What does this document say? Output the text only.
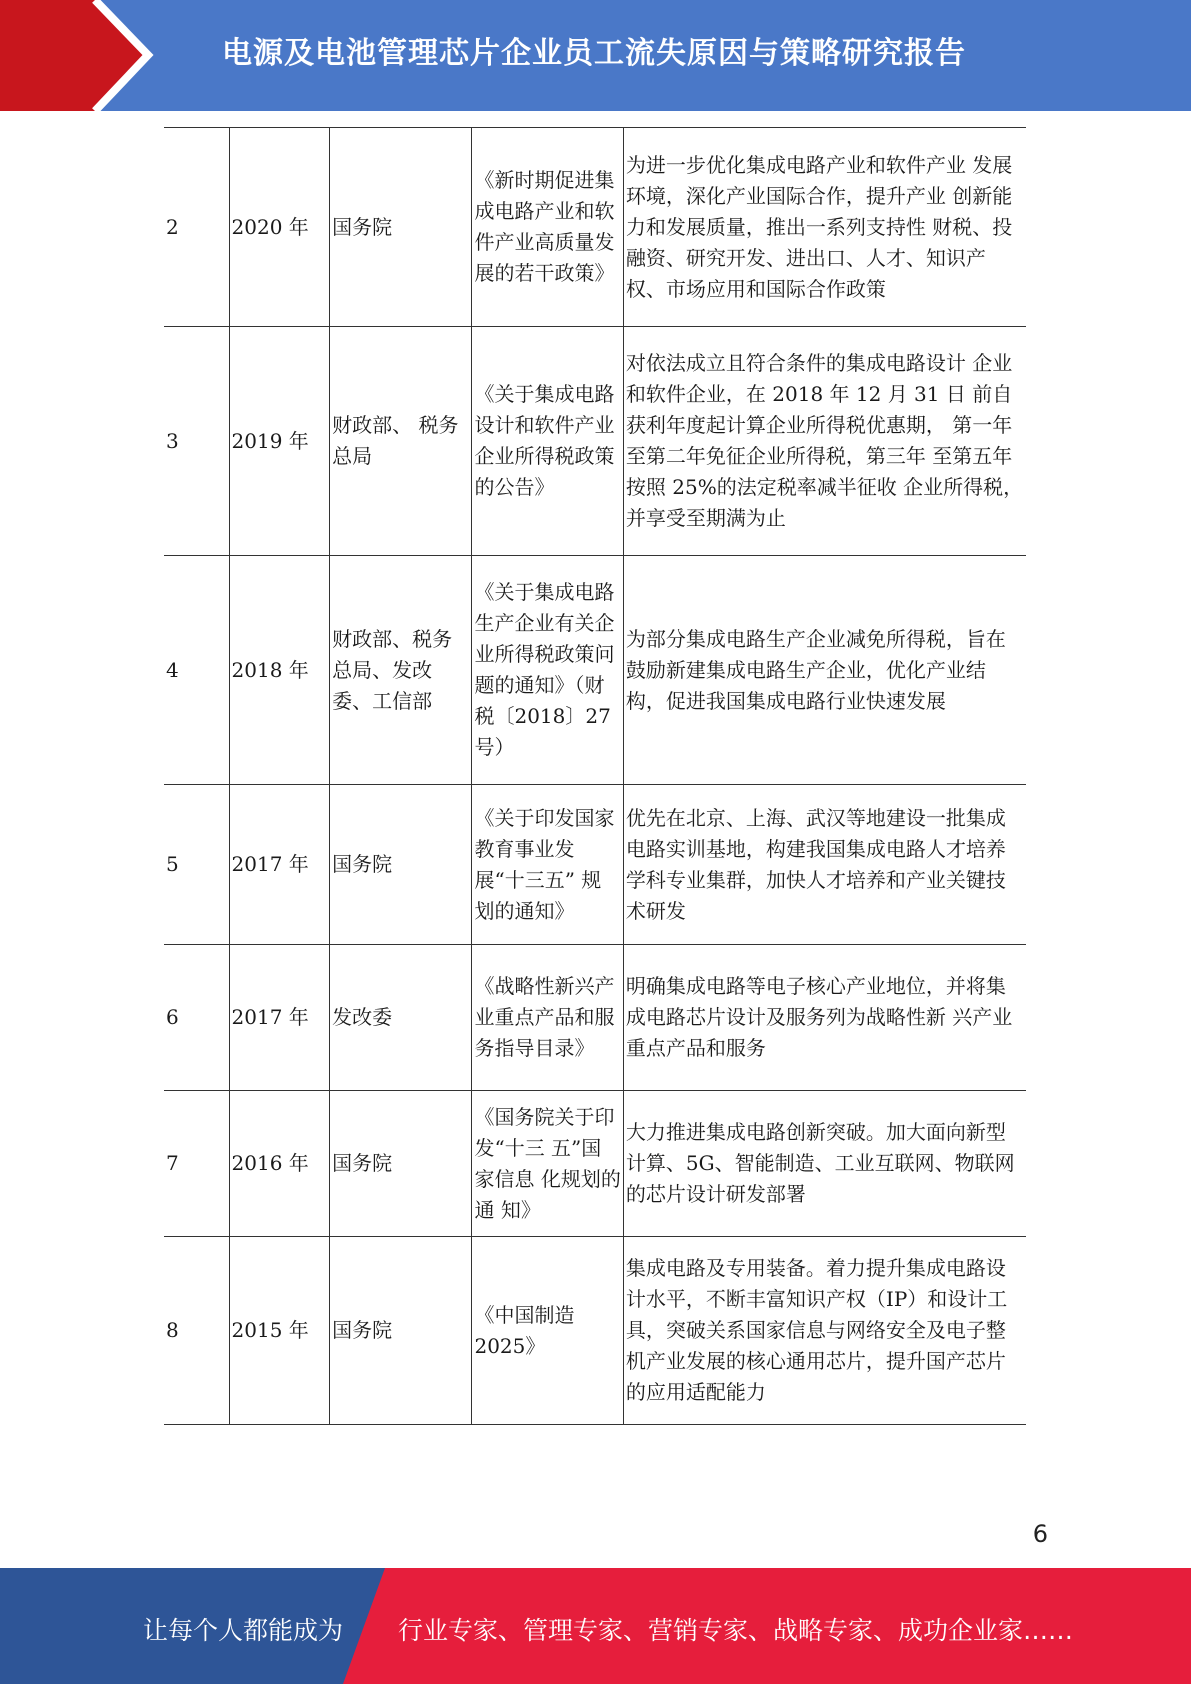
电源及电池管理芯片企业员工流失原因与策略研究报告
2	2020 年	国务院	《新时期促进集成电路产业和软件产业高质量发展的若干政策》	为进一步优化集成电路产业和软件产业 发展环境，深化产业国际合作，提升产业 创新能力和发展质量，推出一系列支持性 财税、投融资、研究开发、进出口、人才、知识产权、市场应用和国际合作政策
3	2019 年	财政部、 税务总局	《关于集成电路设计和软件产业企业所得税政策的公告》	对依法成立且符合条件的集成电路设计 企业和软件企业，在 2018 年 12 月 31 日 前自获利年度起计算企业所得税优惠期， 第一年至第二年免征企业所得税，第三年 至第五年按照 25%的法定税率减半征收 企业所得税，并享受至期满为止
4	2018 年	财政部、税务总局、发改委、工信部	《关于集成电路生产企业有关企业所得税政策问题的通知》（财税〔2018〕27号）	为部分集成电路生产企业减免所得税，旨在鼓励新建集成电路生产企业，优化产业结构，促进我国集成电路行业快速发展
5	2017 年	国务院	《关于印发国家教育事业发展“十三五” 规划的通知》	优先在北京、上海、武汉等地建设一批集成电路实训基地，构建我国集成电路人才培养学科专业集群，加快人才培养和产业关键技术研发
6	2017 年	发改委	《战略性新兴产业重点产品和服务指导目录》	明确集成电路等电子核心产业地位，并将集成电路芯片设计及服务列为战略性新 兴产业重点产品和服务
7	2016 年	国务院	《国务院关于印发“十三 五”国家信息 化规划的通 知》	大力推进集成电路创新突破。加大面向新型计算、5G、智能制造、工业互联网、物联网的芯片设计研发部署
8	2015 年	国务院	《中国制造 2025》	集成电路及专用装备。着力提升集成电路设计水平，不断丰富知识产权（IP）和设计工具，突破关系国家信息与网络安全及电子整机产业发展的核心通用芯片，提升国产芯片的应用适配能力
6
让每个人都能成为 行业专家、管理专家、营销专家、战略专家、成功企业家……
